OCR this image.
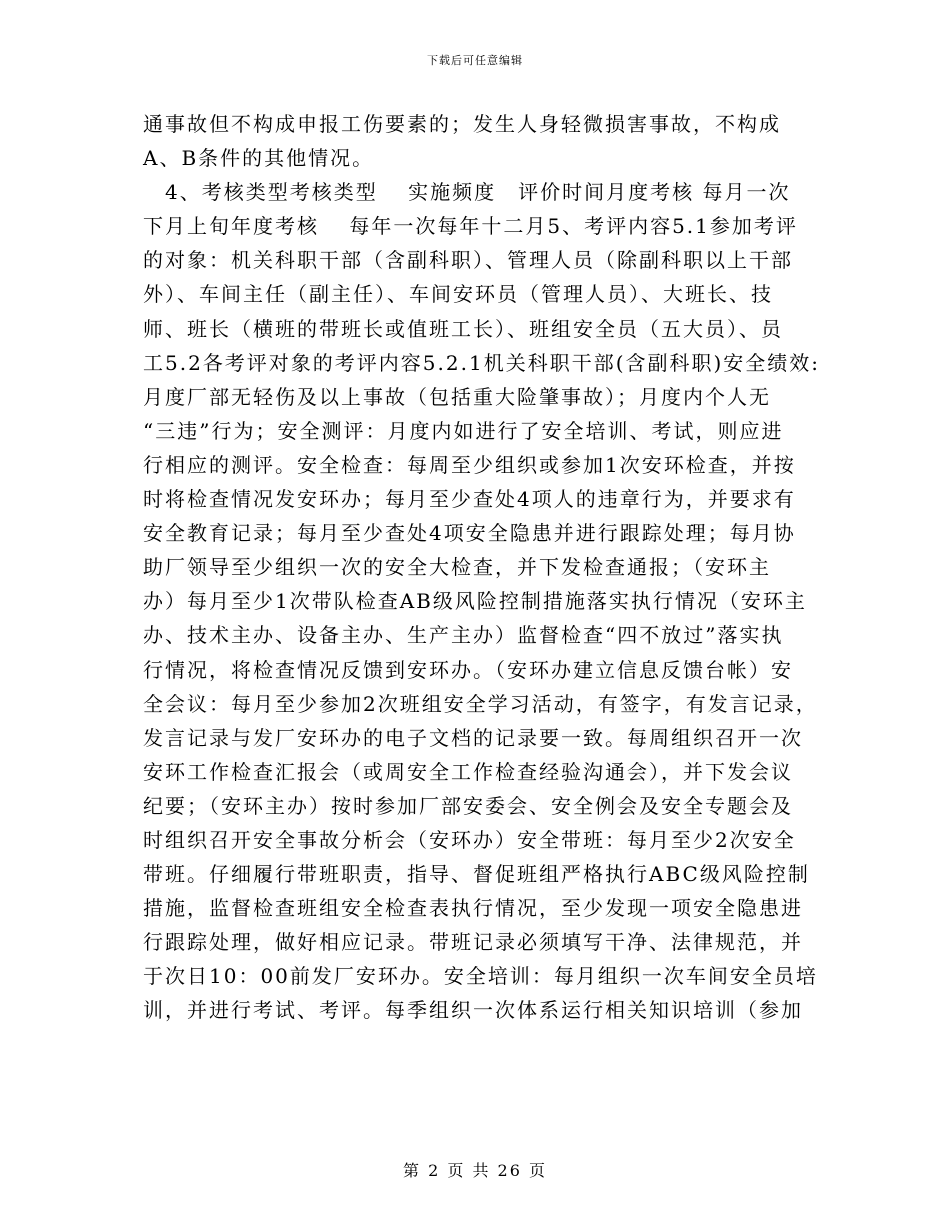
下载后可任意编辑
通事故但不构成申报工伤要素的；发生人身轻微损害事故，不构成
A、B条件的其他情况。
　4、考核类型考核类型　 实施频度　评价时间月度考核 每月一次
下月上旬年度考核　 每年一次每年十二月5、考评内容5.1参加考评
的对象：机关科职干部（含副科职）、管理人员（除副科职以上干部
外）、车间主任（副主任）、车间安环员（管理人员）、大班长、技
师、班长（横班的带班长或值班工长）、班组安全员（五大员）、员
工5.2各考评对象的考评内容5.2.1机关科职干部(含副科职)安全绩效:
月度厂部无轻伤及以上事故（包括重大险肇事故）；月度内个人无
“三违”行为；安全测评：月度内如进行了安全培训、考试，则应进
行相应的测评。安全检查：每周至少组织或参加1次安环检查，并按
时将检查情况发安环办；每月至少查处4项人的违章行为，并要求有
安全教育记录；每月至少查处4项安全隐患并进行跟踪处理；每月协
助厂领导至少组织一次的安全大检查，并下发检查通报；（安环主
办）每月至少1次带队检查AB级风险控制措施落实执行情况（安环主
办、技术主办、设备主办、生产主办）监督检查“四不放过”落实执
行情况，将检查情况反馈到安环办。（安环办建立信息反馈台帐）安
全会议：每月至少参加2次班组安全学习活动，有签字，有发言记录，
发言记录与发厂安环办的电子文档的记录要一致。每周组织召开一次
安环工作检查汇报会（或周安全工作检查经验沟通会），并下发会议
纪要；（安环主办）按时参加厂部安委会、安全例会及安全专题会及
时组织召开安全事故分析会（安环办）安全带班：每月至少2次安全
带班。仔细履行带班职责，指导、督促班组严格执行ABC级风险控制
措施，监督检查班组安全检查表执行情况，至少发现一项安全隐患进
行跟踪处理，做好相应记录。带班记录必须填写干净、法律规范，并
于次日10：00前发厂安环办。安全培训：每月组织一次车间安全员培
训，并进行考试、考评。每季组织一次体系运行相关知识培训（参加
第 2 页 共 26 页
